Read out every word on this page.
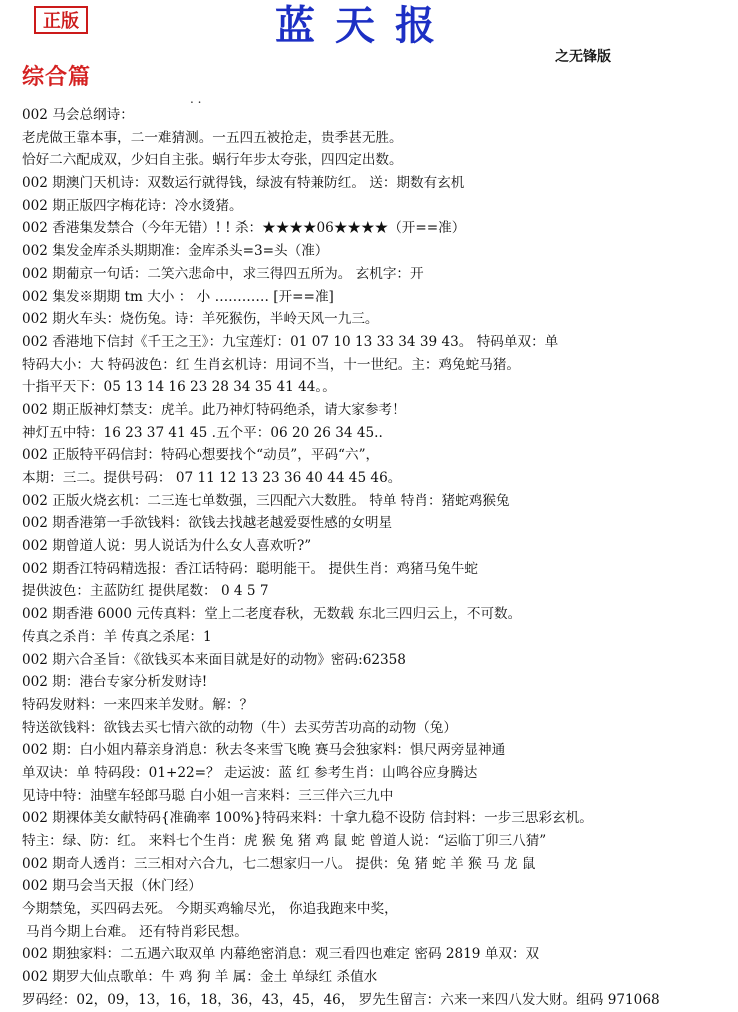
正版	蓝天报
之无锋版
综合篇
. .
002 马会总纲诗：
老虎做王靠本事，二一难猜测。一五四五被抢走，贵季甚无胜。
恰好二六配成双，少妇自主张。蜗行年步太夸张，四四定出数。
002 期澳门天机诗：双数运行就得钱，绿波有特兼防红。 送：期数有玄机
002 期正版四字梅花诗：冷水烫猪。
002 香港集发禁合（今年无错）! ! 杀：★★★★06★★★★（开==准）
002 集发金库杀头期期准：金库杀头=3=头（准）
002 期葡京一句话：二笑六悲命中，求三得四五所为。 玄机字：开
002 集发※期期 tm 大小 ： 小 ………… [开==准]
002 期火车头：烧伤兔。诗：羊死猴伤，半岭天风一九三。
002 香港地下信封《千王之王》：九宝莲灯：01 07 10 13 33 34 39 43。 特码单双：单
特码大小：大 特码波色：红 生肖玄机诗：用词不当，十一世纪。主：鸡兔蛇马猪。
十指平天下：05 13 14 16 23 28 34 35 41 44。。
002 期正版神灯禁支：虎羊。此乃神灯特码绝杀，请大家参考！
神灯五中特：16 23 37 41 45 .五个平：06 20 26 34 45..
002 正版特平码信封：特码心想要找个“动员”，平码“六”，
本期：三二。提供号码： 07 11 12 13 23 36 40 44 45 46。
002 正版火烧玄机：二三连七单数强，三四配六大数胜。 特单 特肖：猪蛇鸡猴兔
002 期香港第一手欲钱料：欲钱去找越老越爱耍性感的女明星
002 期曾道人说：男人说话为什么女人喜欢听?”
002 期香江特码精选报：香江话特码：聪明能干。 提供生肖：鸡猪马兔牛蛇
提供波色：主蓝防红 提供尾数： 0 4 5 7
002 期香港 6000 元传真料：堂上二老度春秋，无数载 东北三四归云上，不可数。
传真之杀肖：羊 传真之杀尾：1
002 期六合圣旨：《欲钱买本来面目就是好的动物》密码:62358
002 期：港台专家分析发财诗!
特码发财料：一来四来羊发财。解：？
特送欲钱料：欲钱去买七情六欲的动物（牛）去买劳苦功高的动物（兔）
002 期：白小姐内幕亲身消息：秋去冬来雪飞晚 赛马会独家料：惧尺两旁显神通
单双诀：单 特码段：01+22=？ 走运波：蓝 红 参考生肖：山鸣谷应身腾达
见诗中特：油壁车轻郎马聪 白小姐一言来料：三三伴六三九中
002 期裸体美女献特码{准确率 100%}特码来料：十拿九稳不设防 信封料：一步三思彩玄机。
特主：绿、防：红。 来料七个生肖：虎 猴 兔 猪 鸡 鼠 蛇 曾道人说：“运临丁卯三八猜”
002 期奇人透肖：三三相对六合九，七二想家归一八。 提供：兔 猪 蛇 羊 猴 马 龙 鼠
002 期马会当天报（休门经）
今期禁兔，买四码去死。 今期买鸡输尽光， 你追我跑来中奖，
马肖今期上台难。 还有特肖彩民想。
002 期独家料：二五遇六取双单 内幕绝密消息：观三看四也难定 密码 2819 单双：双
002 期罗大仙点歌单：牛 鸡 狗 羊 属：金土 单绿红 杀值水
罗码经：02，09，13，16，18，36，43，45，46， 罗先生留言：六来一来四八发大财。组码 971068
